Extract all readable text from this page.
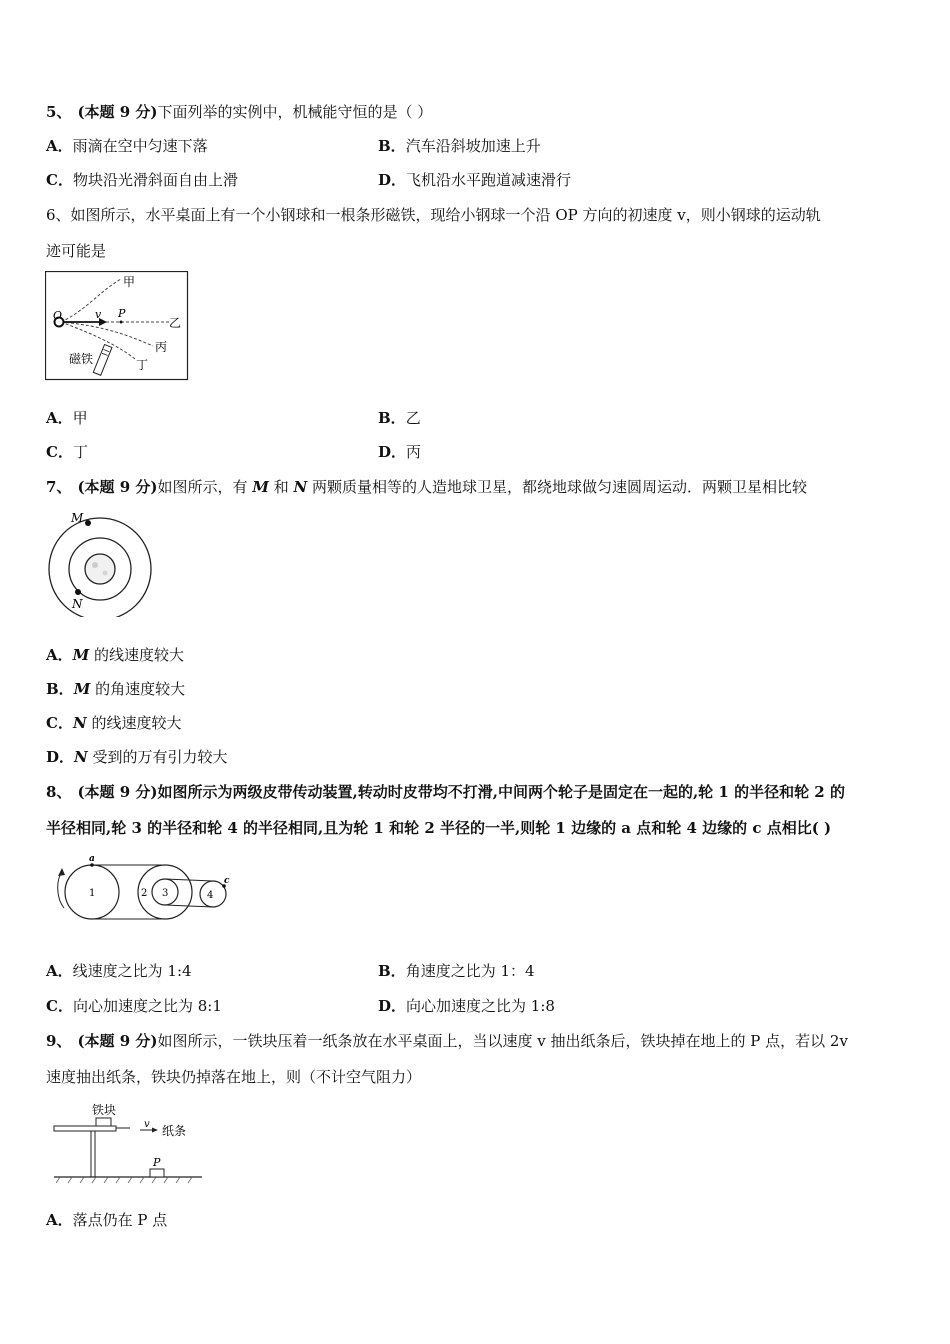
5、 (本题 9 分)下面列举的实例中，机械能守恒的是（ ）
A．雨滴在空中匀速下落	B．汽车沿斜坡加速上升
C．物块沿光滑斜面自由上滑	D．飞机沿水平跑道减速滑行
6、如图所示，水平桌面上有一个小钢球和一根条形磁铁，现给小钢球一个沿 OP 方向的初速度 v，则小钢球的运动轨
迹可能是
O	v P
甲
乙
丙
丁
磁铁
A．甲	B．乙
C．丁	D．丙
7、 (本题 9 分)如图所示，有 M 和 N 两颗质量相等的人造地球卫星，都绕地球做匀速圆周运动．两颗卫星相比较
M
N
A．M 的线速度较大
B．M 的角速度较大
C．N 的线速度较大
D．N 受到的万有引力较大
8、 (本题 9 分)如图所示为两级皮带传动装置,转动时皮带均不打滑,中间两个轮子是固定在一起的,轮 1 的半径和轮 2 的
半径相同,轮 3 的半径和轮 4 的半径相同,且为轮 1 和轮 2 半径的一半,则轮 1 边缘的 a 点和轮 4 边缘的 c 点相比( )
a
c
1	2 3	4
A．线速度之比为 1:4	B．角速度之比为 1：4
C．向心加速度之比为 8:1	D．向心加速度之比为 1:8
9、 (本题 9 分)如图所示，一铁块压着一纸条放在水平桌面上，当以速度 v 抽出纸条后，铁块掉在地上的 P 点，若以 2v
速度抽出纸条，铁块仍掉落在地上，则（不计空气阻力）
铁块
v 纸条
P
A．落点仍在 P 点
